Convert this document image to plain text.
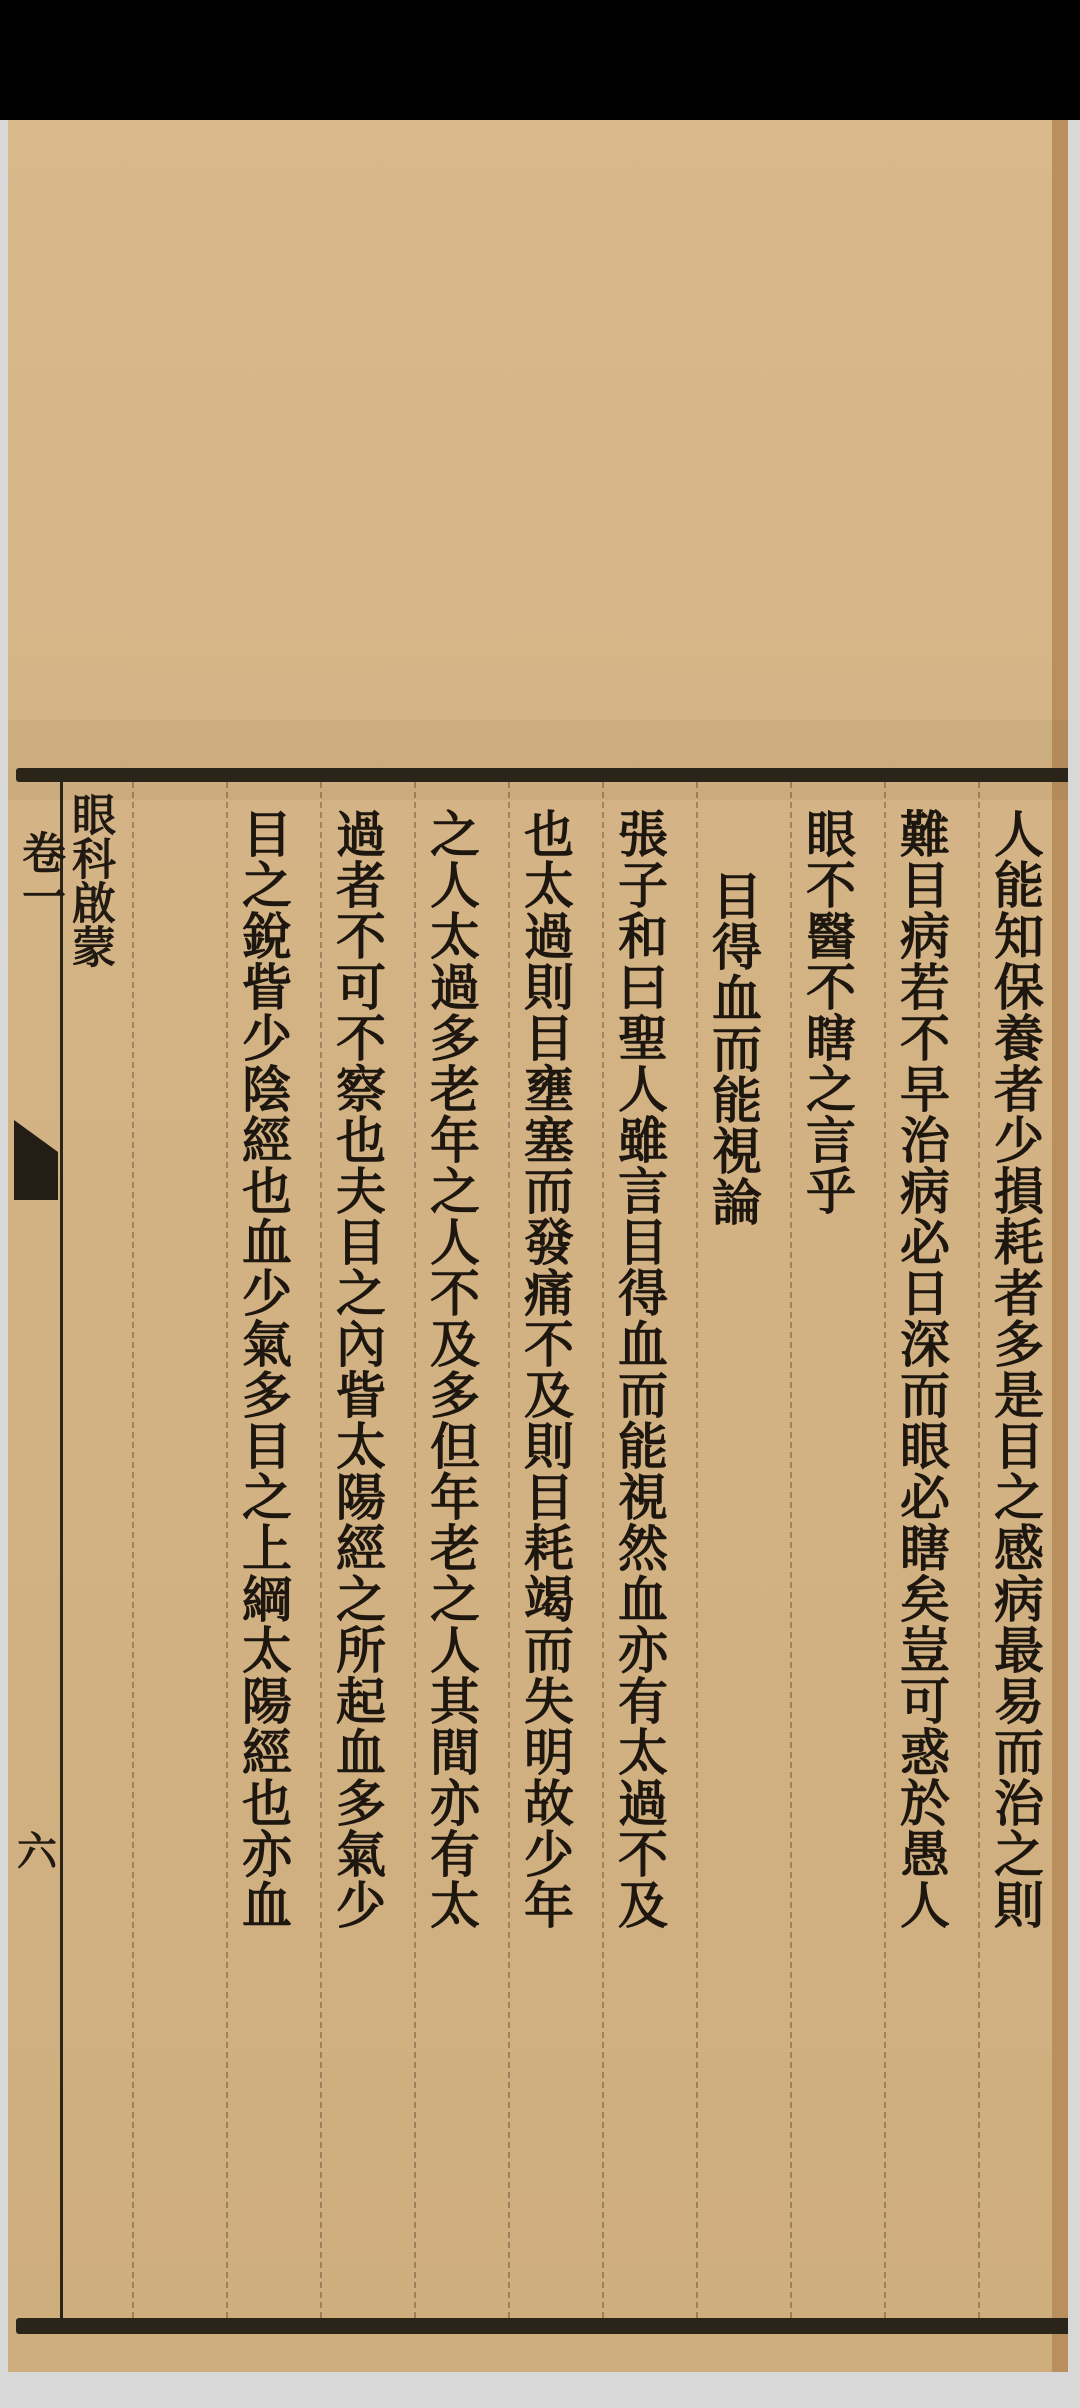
人能知保養者少損耗者多是目之感病最易而治之則
難目病若不早治病必日深而眼必瞎矣豈可惑於愚人
眼不醫不瞎之言乎
目得血而能視論
張子和曰聖人雖言目得血而能視然血亦有太過不及
也太過則目壅塞而發痛不及則目耗竭而失明故少年
之人太過多老年之人不及多但年老之人其間亦有太
過者不可不察也夫目之內眥太陽經之所起血多氣少
目之銳眥少陰經也血少氣多目之上綱太陽經也亦血
眼科啟蒙
卷一
六
